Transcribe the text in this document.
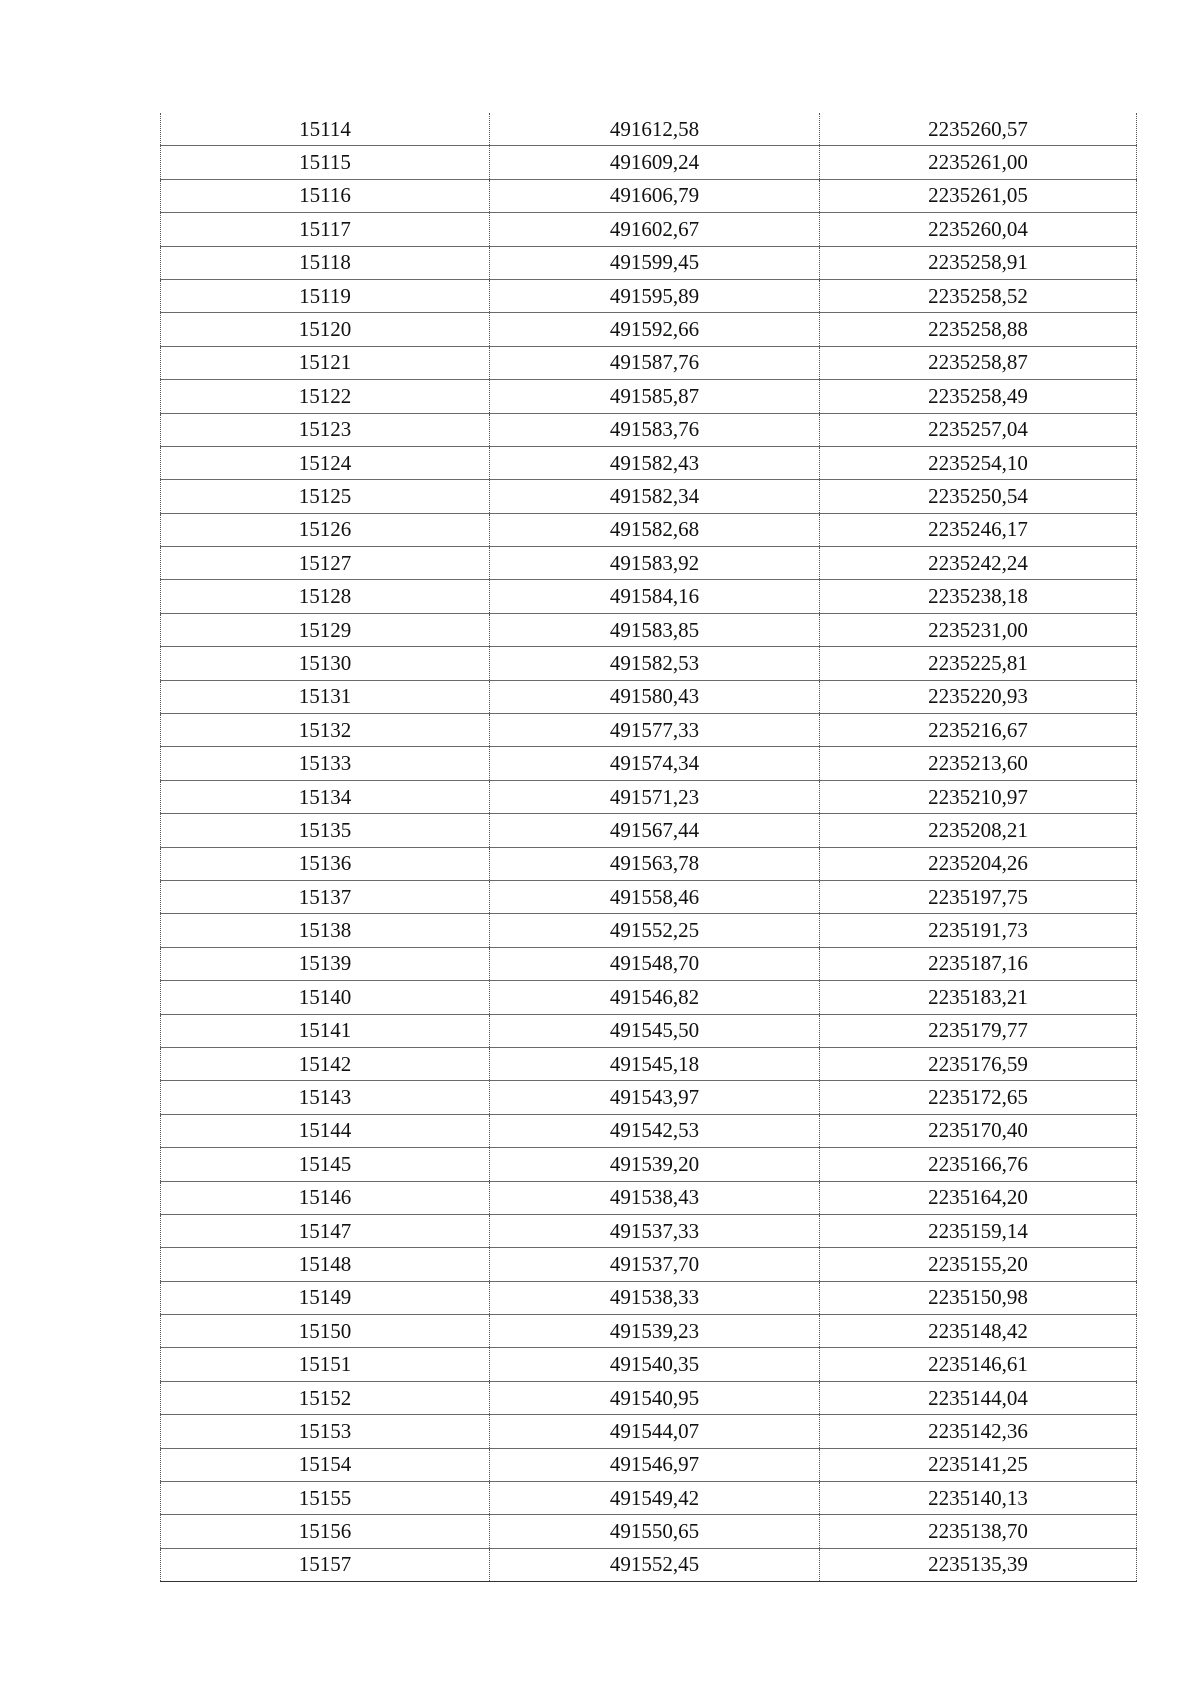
15114	491612,58	2235260,57
15115	491609,24	2235261,00
15116	491606,79	2235261,05
15117	491602,67	2235260,04
15118	491599,45	2235258,91
15119	491595,89	2235258,52
15120	491592,66	2235258,88
15121	491587,76	2235258,87
15122	491585,87	2235258,49
15123	491583,76	2235257,04
15124	491582,43	2235254,10
15125	491582,34	2235250,54
15126	491582,68	2235246,17
15127	491583,92	2235242,24
15128	491584,16	2235238,18
15129	491583,85	2235231,00
15130	491582,53	2235225,81
15131	491580,43	2235220,93
15132	491577,33	2235216,67
15133	491574,34	2235213,60
15134	491571,23	2235210,97
15135	491567,44	2235208,21
15136	491563,78	2235204,26
15137	491558,46	2235197,75
15138	491552,25	2235191,73
15139	491548,70	2235187,16
15140	491546,82	2235183,21
15141	491545,50	2235179,77
15142	491545,18	2235176,59
15143	491543,97	2235172,65
15144	491542,53	2235170,40
15145	491539,20	2235166,76
15146	491538,43	2235164,20
15147	491537,33	2235159,14
15148	491537,70	2235155,20
15149	491538,33	2235150,98
15150	491539,23	2235148,42
15151	491540,35	2235146,61
15152	491540,95	2235144,04
15153	491544,07	2235142,36
15154	491546,97	2235141,25
15155	491549,42	2235140,13
15156	491550,65	2235138,70
15157	491552,45	2235135,39
